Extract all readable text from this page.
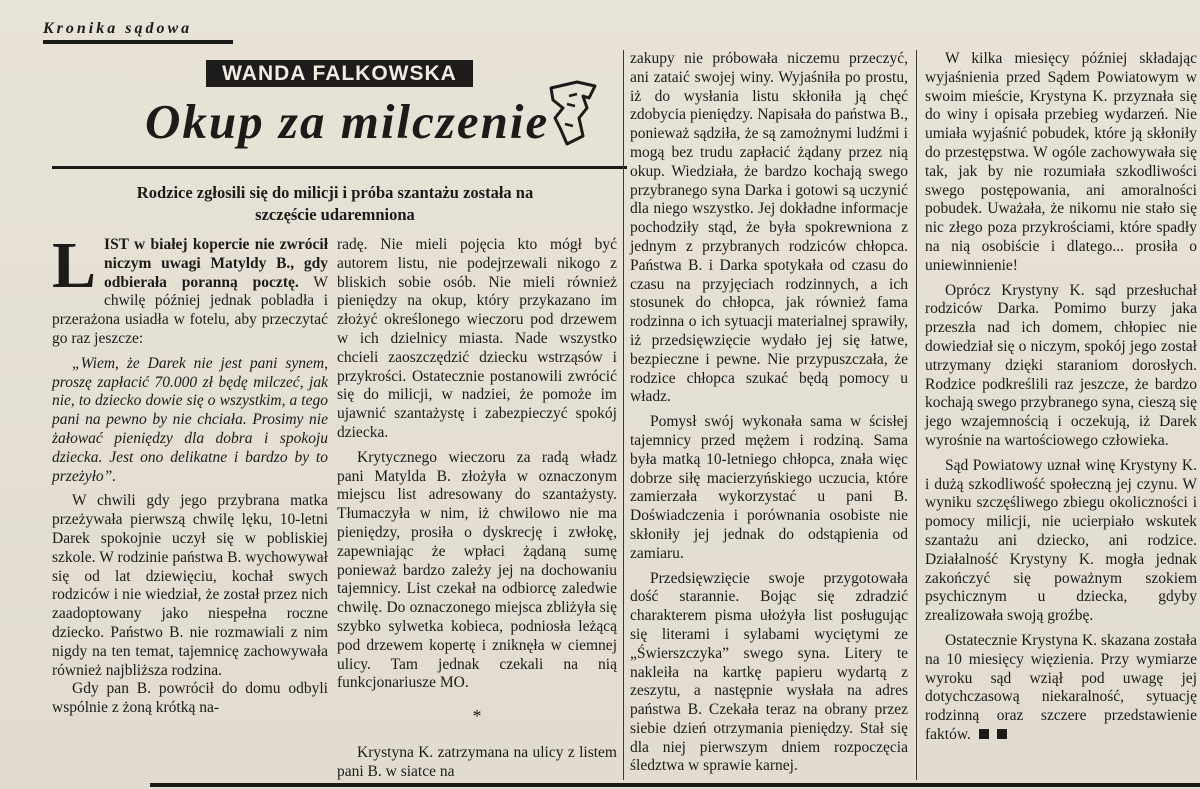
Kronika sądowa
WANDA FALKOWSKA
Okup za milczenie
Rodzice zgłosili się do milicji i próba szantażu została na szczęście udaremniona

LIST w białej kopercie nie zwrócił niczym uwagi Matyldy B., gdy odbierała poranną pocztę. W chwilę później jednak pobladła i przerażona usiadła w fotelu, aby przeczytać go raz jeszcze:

„Wiem, że Darek nie jest pani synem, proszę zapłacić 70.000 zł będę milczeć, jak nie, to dziecko dowie się o wszystkim, a tego pani na pewno by nie chciała. Prosimy nie żałować pieniędzy dla dobra i spokoju dziecka. Jest ono delikatne i bardzo by to przeżyło”.

W chwili gdy jego przybrana matka przeżywała pierwszą chwilę lęku, 10-letni Darek spokojnie uczył się w pobliskiej szkole. W rodzinie państwa B. wychowywał się od lat dziewięciu, kochał swych rodziców i nie wiedział, że został przez nich zaadoptowany jako niespełna roczne dziecko. Państwo B. nie rozmawiali z nim nigdy na ten temat, tajemnicę zachowywała również najbliższa rodzina.

Gdy pan B. powrócił do domu odbyli wspólnie z żoną krótką na-

radę. Nie mieli pojęcia kto mógł być autorem listu, nie podejrzewali nikogo z bliskich sobie osób. Nie mieli również pieniędzy na okup, który przykazano im złożyć określonego wieczoru pod drzewem w ich dzielnicy miasta. Nade wszystko chcieli zaoszczędzić dziecku wstrząsów i przykrości. Ostatecznie postanowili zwrócić się do milicji, w nadziei, że pomoże im ujawnić szantażystę i zabezpieczyć spokój dziecka.

Krytycznego wieczoru za radą władz pani Matylda B. złożyła w oznaczonym miejscu list adresowany do szantażysty. Tłumaczyła w nim, iż chwilowo nie ma pieniędzy, prosiła o dyskrecję i zwłokę, zapewniając że wpłaci żądaną sumę ponieważ bardzo zależy jej na dochowaniu tajemnicy. List czekał na odbiorcę zaledwie chwilę. Do oznaczonego miejsca zbliżyła się szybko sylwetka kobieca, podniosła leżącą pod drzewem kopertę i zniknęła w ciemnej ulicy. Tam jednak czekali na nią funkcjonariusze MO.

*

Krystyna K. zatrzymana na ulicy z listem pani B. w siatce na

zakupy nie próbowała niczemu przeczyć, ani zataić swojej winy. Wyjaśniła po prostu, iż do wysłania listu skłoniła ją chęć zdobycia pieniędzy. Napisała do państwa B., ponieważ sądziła, że są zamożnymi ludźmi i mogą bez trudu zapłacić żądany przez nią okup. Wiedziała, że bardzo kochają swego przybranego syna Darka i gotowi są uczynić dla niego wszystko. Jej dokładne informacje pochodziły stąd, że była spokrewniona z jednym z przybranych rodziców chłopca. Państwa B. i Darka spotykała od czasu do czasu na przyjęciach rodzinnych, a ich stosunek do chłopca, jak również fama rodzinna o ich sytuacji materialnej sprawiły, iż przedsięwzięcie wydało jej się łatwe, bezpieczne i pewne. Nie przypuszczała, że rodzice chłopca szukać będą pomocy u władz.

Pomysł swój wykonała sama w ścisłej tajemnicy przed mężem i rodziną. Sama była matką 10-letniego chłopca, znała więc dobrze siłę macierzyńskiego uczucia, które zamierzała wykorzystać u pani B. Doświadczenia i porównania osobiste nie skłoniły jej jednak do odstąpienia od zamiaru.

Przedsięwzięcie swoje przygotowała dość starannie. Bojąc się zdradzić charakterem pisma ułożyła list posługując się literami i sylabami wyciętymi ze „Świerszczyka” swego syna. Litery te nakleiła na kartkę papieru wydartą z zeszytu, a następnie wysłała na adres państwa B. Czekała teraz na obrany przez siebie dzień otrzymania pieniędzy. Stał się dla niej pierwszym dniem rozpoczęcia śledztwa w sprawie karnej.

W kilka miesięcy później składając wyjaśnienia przed Sądem Powiatowym w swoim mieście, Krystyna K. przyznała się do winy i opisała przebieg wydarzeń. Nie umiała wyjaśnić pobudek, które ją skłoniły do przestępstwa. W ogóle zachowywała się tak, jak by nie rozumiała szkodliwości swego postępowania, ani amoralności pobudek. Uważała, że nikomu nie stało się nic złego poza przykrościami, które spadły na nią osobiście i dlatego... prosiła o uniewinnienie!

Oprócz Krystyny K. sąd przesłuchał rodziców Darka. Pomimo burzy jaka przeszła nad ich domem, chłopiec nie dowiedział się o niczym, spokój jego został utrzymany dzięki staraniom dorosłych. Rodzice podkreślili raz jeszcze, że bardzo kochają swego przybranego syna, cieszą się jego wzajemnością i oczekują, iż Darek wyrośnie na wartościowego człowieka.

Sąd Powiatowy uznał winę Krystyny K. i dużą szkodliwość społeczną jej czynu. W wyniku szczęśliwego zbiegu okoliczności i pomocy milicji, nie ucierpiało wskutek szantażu ani dziecko, ani rodzice. Działalność Krystyny K. mogła jednak zakończyć się poważnym szokiem psychicznym u dziecka, gdyby zrealizowała swoją groźbę.

Ostatecznie Krystyna K. skazana została na 10 miesięcy więzienia. Przy wymiarze wyroku sąd wziął pod uwagę jej dotychczasową niekaralność, sytuację rodzinną oraz szczere przedstawienie faktów.
